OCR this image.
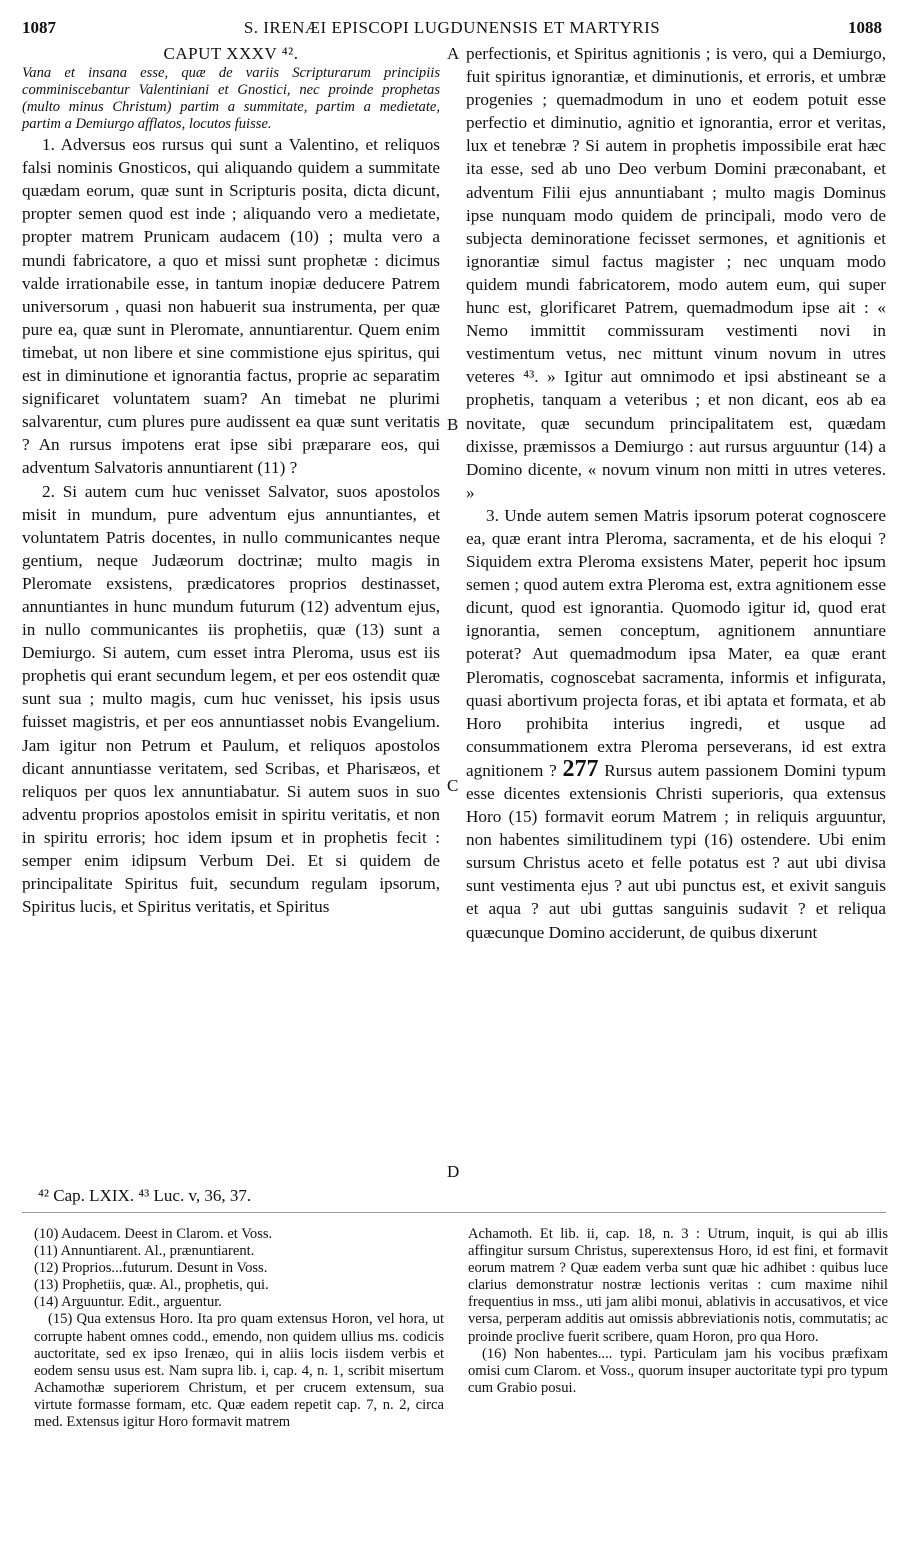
1087	S. IRENÆI EPISCOPI LUGDUNENSIS ET MARTYRIS	1088

CAPUT XXXV ⁴².

Vana et insana esse, quæ de variis Scripturarum principiis comminiscebantur Valentiniani et Gnostici, nec proinde prophetas (multo minus Christum) partim a summitate, partim a medietate, partim a Demiurgo afflatos, locutos fuisse.

1. Adversus eos rursus qui sunt a Valentino, et reliquos falsi nominis Gnosticos, qui aliquando quidem a summitate quædam eorum, quæ sunt in Scripturis posita, dicta dicunt, propter semen quod est inde ; aliquando vero a medietate, propter matrem Prunicam audacem (10) ; multa vero a mundi fabricatore, a quo et missi sunt prophetæ : dicimus valde irrationabile esse, in tantum inopiæ deducere Patrem universorum , quasi non habuerit sua instrumenta, per quæ pure ea, quæ sunt in Pleromate, annuntiarentur. Quem enim timebat, ut non libere et sine commistione ejus spiritus, qui est in diminutione et ignorantia factus, proprie ac separatim significaret voluntatem suam? An timebat ne plurimi salvarentur, cum plures pure audissent ea quæ sunt veritatis ? An rursus impotens erat ipse sibi præparare eos, qui adventum Salvatoris annuntiarent (11) ?

2. Si autem cum huc venisset Salvator, suos apostolos misit in mundum, pure adventum ejus annuntiantes, et voluntatem Patris docentes, in nullo communicantes neque gentium, neque Judæorum doctrinæ; multo magis in Pleromate exsistens, prædicatores proprios destinasset, annuntiantes in hunc mundum futurum (12) adventum ejus, in nullo communicantes iis prophetiis, quæ (13) sunt a Demiurgo. Si autem, cum esset intra Pleroma, usus est iis prophetis qui erant secundum legem, et per eos ostendit quæ sunt sua ; multo magis, cum huc venisset, his ipsis usus fuisset magistris, et per eos annuntiasset nobis Evangelium. Jam igitur non Petrum et Paulum, et reliquos apostolos dicant annuntiasse veritatem, sed Scribas, et Pharisæos, et reliquos per quos lex annuntiabatur. Si autem suos in suo adventu proprios apostolos emisit in spiritu veritatis, et non in spiritu erroris; hoc idem ipsum et in prophetis fecit : semper enim idipsum Verbum Dei. Et si quidem de principalitate Spiritus fuit, secundum regulam ipsorum, Spiritus lucis, et Spiritus veritatis, et Spiritus

A
B
C
D

perfectionis, et Spiritus agnitionis ; is vero, qui a Demiurgo, fuit spiritus ignorantiæ, et diminutionis, et erroris, et umbræ progenies ; quemadmodum in uno et eodem potuit esse perfectio et diminutio, agnitio et ignorantia, error et veritas, lux et tenebræ ? Si autem in prophetis impossibile erat hæc ita esse, sed ab uno Deo verbum Domini præconabant, et adventum Filii ejus annuntiabant ; multo magis Dominus ipse nunquam modo quidem de principali, modo vero de subjecta deminoratione fecisset sermones, et agnitionis et ignorantiæ simul factus magister ; nec unquam modo quidem mundi fabricatorem, modo autem eum, qui super hunc est, glorificaret Patrem, quemadmodum ipse ait : « Nemo immittit commissuram vestimenti novi in vestimentum vetus, nec mittunt vinum novum in utres veteres ⁴³. » Igitur aut omnimodo et ipsi abstineant se a prophetis, tanquam a veteribus ; et non dicant, eos ab ea novitate, quæ secundum principalitatem est, quædam dixisse, præmissos a Demiurgo : aut rursus arguuntur (14) a Domino dicente, « novum vinum non mitti in utres veteres. »

3. Unde autem semen Matris ipsorum poterat cognoscere ea, quæ erant intra Pleroma, sacramenta, et de his eloqui ? Siquidem extra Pleroma exsistens Mater, peperit hoc ipsum semen ; quod autem extra Pleroma est, extra agnitionem esse dicunt, quod est ignorantia. Quomodo igitur id, quod erat ignorantia, semen conceptum, agnitionem annuntiare poterat? Aut quemadmodum ipsa Mater, ea quæ erant Pleromatis, cognoscebat sacramenta, informis et infigurata, quasi abortivum projecta foras, et ibi aptata et formata, et ab Horo prohibita interius ingredi, et usque ad consummationem extra Pleroma perseverans, id est extra agnitionem ? 277 Rursus autem passionem Domini typum esse dicentes extensionis Christi superioris, qua extensus Horo (15) formavit eorum Matrem ; in reliquis arguuntur, non habentes similitudinem typi (16) ostendere. Ubi enim sursum Christus aceto et felle potatus est ? aut ubi divisa sunt vestimenta ejus ? aut ubi punctus est, et exivit sanguis et aqua ? aut ubi guttas sanguinis sudavit ? et reliqua quæcunque Domino acciderunt, de quibus dixerunt

⁴² Cap. LXIX. ⁴³ Luc. v, 36, 37.

(10) Audacem. Deest in Clarom. et Voss.

(11) Annuntiarent. Al., prænuntiarent.

(12) Proprios...futurum. Desunt in Voss.

(13) Prophetiis, quæ. Al., prophetis, qui.

(14) Arguuntur. Edit., arguentur.

(15) Qua extensus Horo. Ita pro quam extensus Horon, vel hora, ut corrupte habent omnes codd., emendo, non quidem ullius ms. codicis auctoritate, sed ex ipso Irenæo, qui in aliis locis iisdem verbis et eodem sensu usus est. Nam supra lib. i, cap. 4, n. 1, scribit misertum Achamothæ superiorem Christum, et per crucem extensum, sua virtute formasse formam, etc. Quæ eadem repetit cap. 7, n. 2, circa med. Extensus igitur Horo formavit matrem

Achamoth. Et lib. ii, cap. 18, n. 3 : Utrum, inquit, is qui ab illis affingitur sursum Christus, superextensus Horo, id est fini, et formavit eorum matrem ? Quæ eadem verba sunt quæ hic adhibet : quibus luce clarius demonstratur nostræ lectionis veritas : cum maxime nihil frequentius in mss., uti jam alibi monui, ablativis in accusativos, et vice versa, perperam additis aut omissis abbreviationis notis, commutatis; ac proinde proclive fuerit scribere, quam Horon, pro qua Horo.

(16) Non habentes.... typi. Particulam jam his vocibus præfixam omisi cum Clarom. et Voss., quorum insuper auctoritate typi pro typum cum Grabio posui.
